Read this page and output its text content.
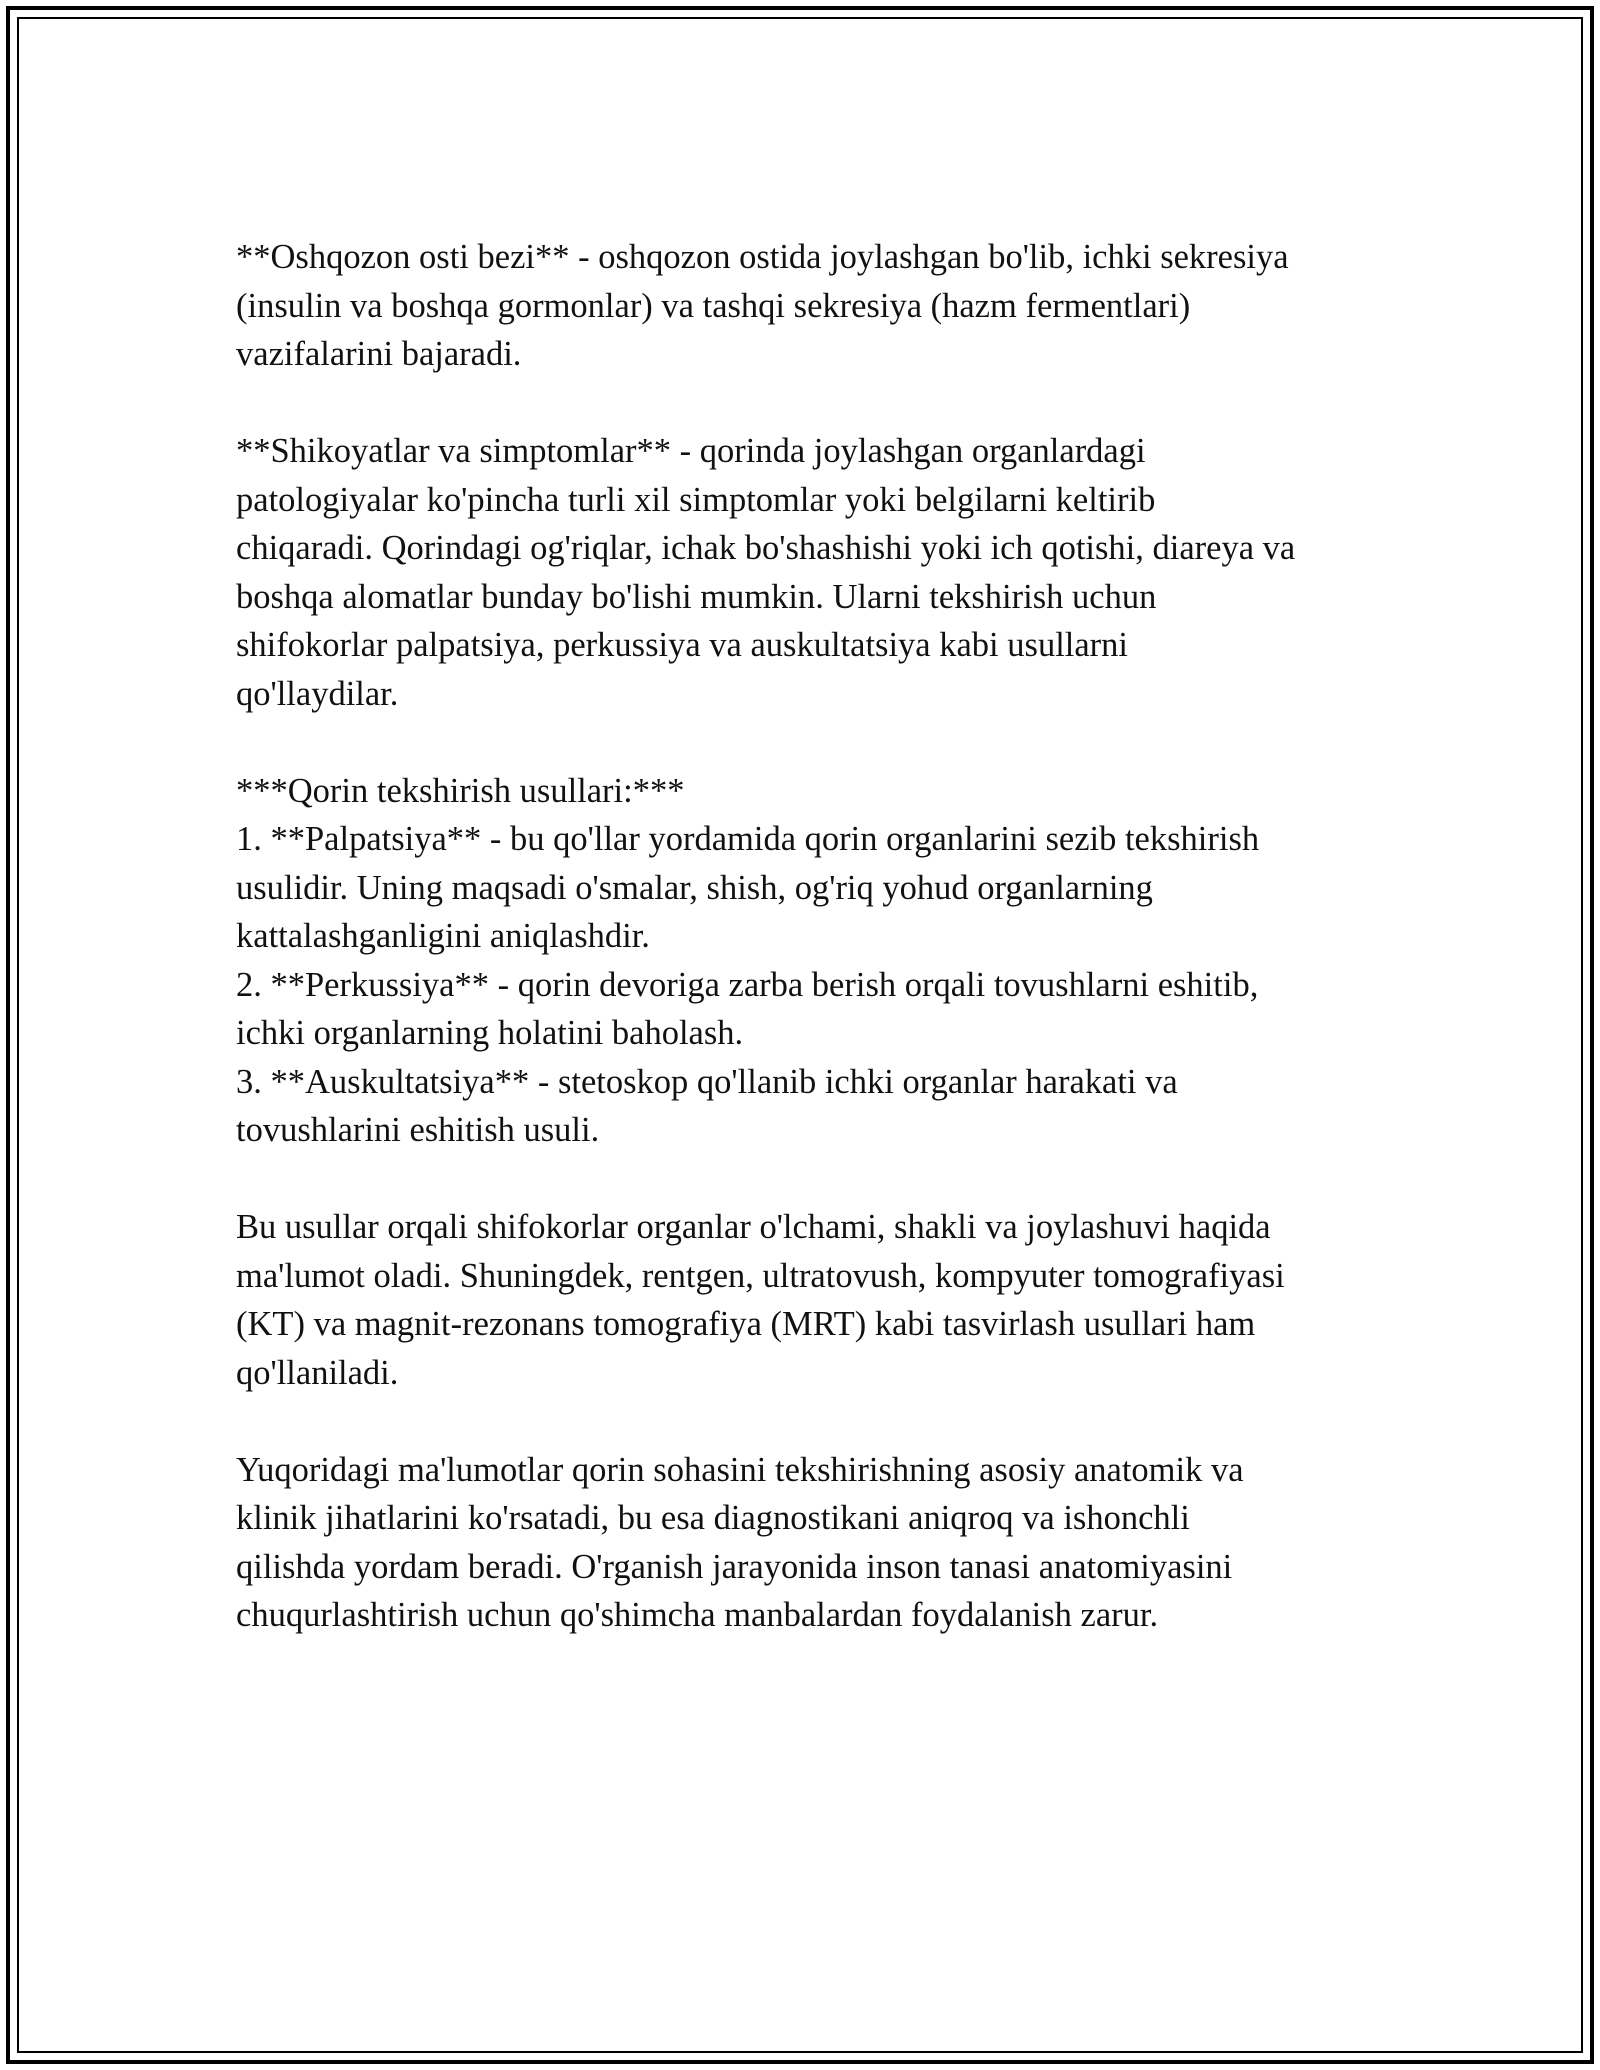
**Oshqozon osti bezi** - oshqozon ostida joylashgan bo'lib, ichki sekresiya

(insulin va boshqa gormonlar) va tashqi sekresiya (hazm fermentlari)

vazifalarini bajaradi.

**Shikoyatlar va simptomlar** - qorinda joylashgan organlardagi

patologiyalar ko'pincha turli xil simptomlar yoki belgilarni keltirib

chiqaradi. Qorindagi og'riqlar, ichak bo'shashishi yoki ich qotishi, diareya va

boshqa alomatlar bunday bo'lishi mumkin. Ularni tekshirish uchun

shifokorlar palpatsiya, perkussiya va auskultatsiya kabi usullarni

qo'llaydilar.

***Qorin tekshirish usullari:***

1. **Palpatsiya** - bu qo'llar yordamida qorin organlarini sezib tekshirish

usulidir. Uning maqsadi o'smalar, shish, og'riq yohud organlarning

kattalashganligini aniqlashdir.

2. **Perkussiya** - qorin devoriga zarba berish orqali tovushlarni eshitib,

ichki organlarning holatini baholash.

3. **Auskultatsiya** - stetoskop qo'llanib ichki organlar harakati va

tovushlarini eshitish usuli.

Bu usullar orqali shifokorlar organlar o'lchami, shakli va joylashuvi haqida

ma'lumot oladi. Shuningdek, rentgen, ultratovush, kompyuter tomografiyasi

(KT) va magnit-rezonans tomografiya (MRT) kabi tasvirlash usullari ham

qo'llaniladi.

Yuqoridagi ma'lumotlar qorin sohasini tekshirishning asosiy anatomik va

klinik jihatlarini ko'rsatadi, bu esa diagnostikani aniqroq va ishonchli

qilishda yordam beradi. O'rganish jarayonida inson tanasi anatomiyasini

chuqurlashtirish uchun qo'shimcha manbalardan foydalanish zarur.
